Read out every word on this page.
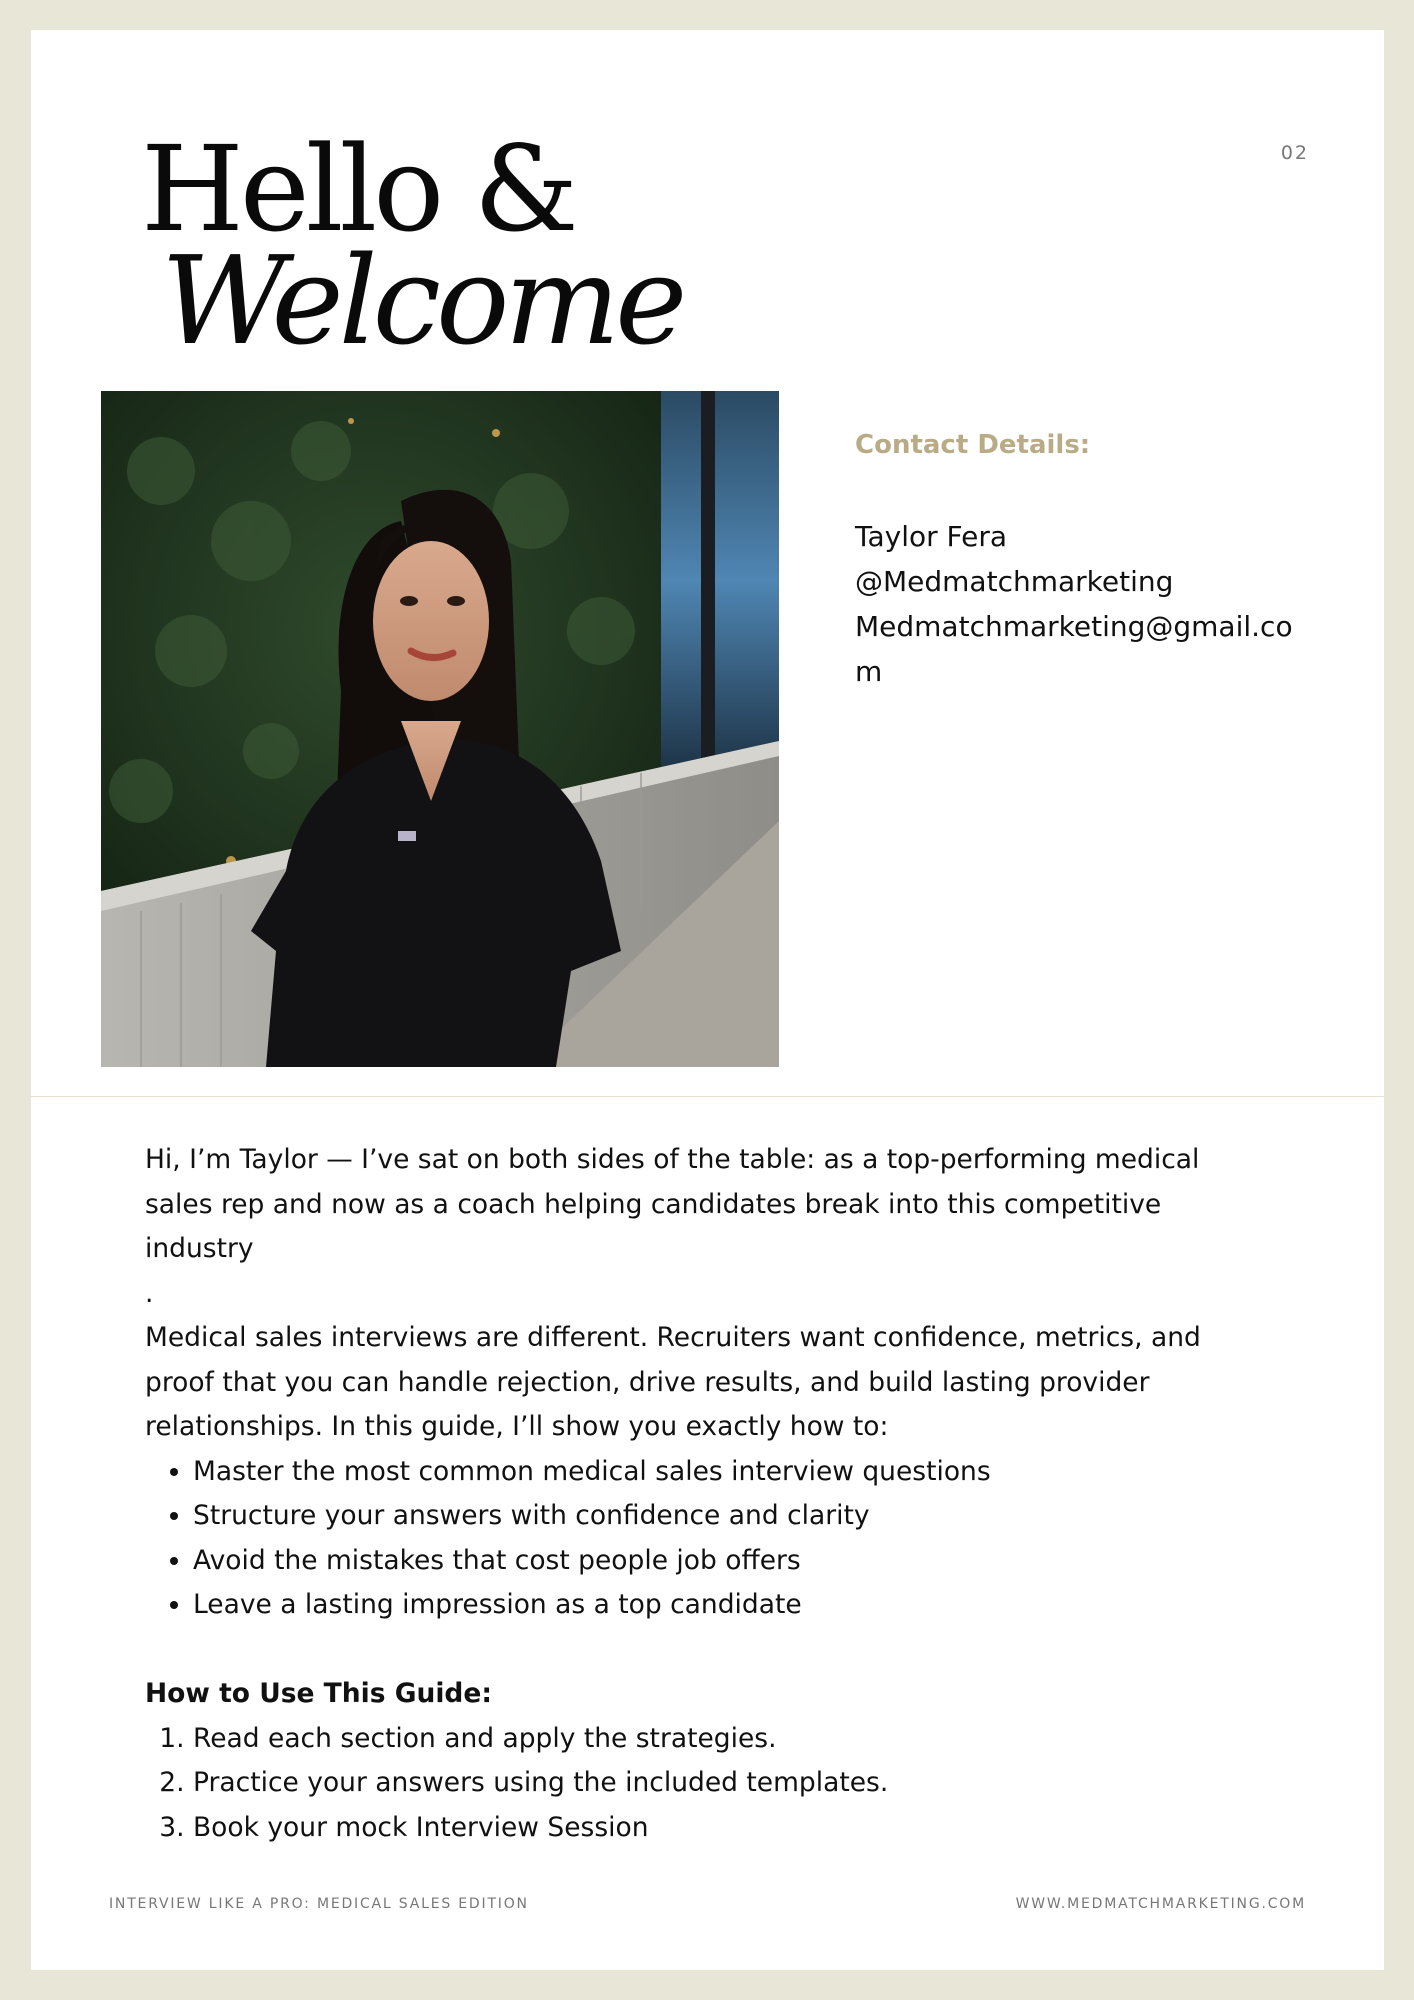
02
Hello &
Welcome
Contact Details:
Taylor Fera
@Medmatchmarketing
Medmatchmarketing@gmail.com

Hi, I’m Taylor — I’ve sat on both sides of the table: as a top-performing medical sales rep and now as a coach helping candidates break into this competitive industry

.

Medical sales interviews are different. Recruiters want confidence, metrics, and proof that you can handle rejection, drive results, and build lasting provider relationships. In this guide, I’ll show you exactly how to:

• Master the most common medical sales interview questions
• Structure your answers with confidence and clarity
• Avoid the mistakes that cost people job offers
• Leave a lasting impression as a top candidate

How to Use This Guide:

1. Read each section and apply the strategies.
2. Practice your answers using the included templates.
3. Book your mock Interview Session
INTERVIEW LIKE A PRO: MEDICAL SALES EDITION	WWW.MEDMATCHMARKETING.COM
